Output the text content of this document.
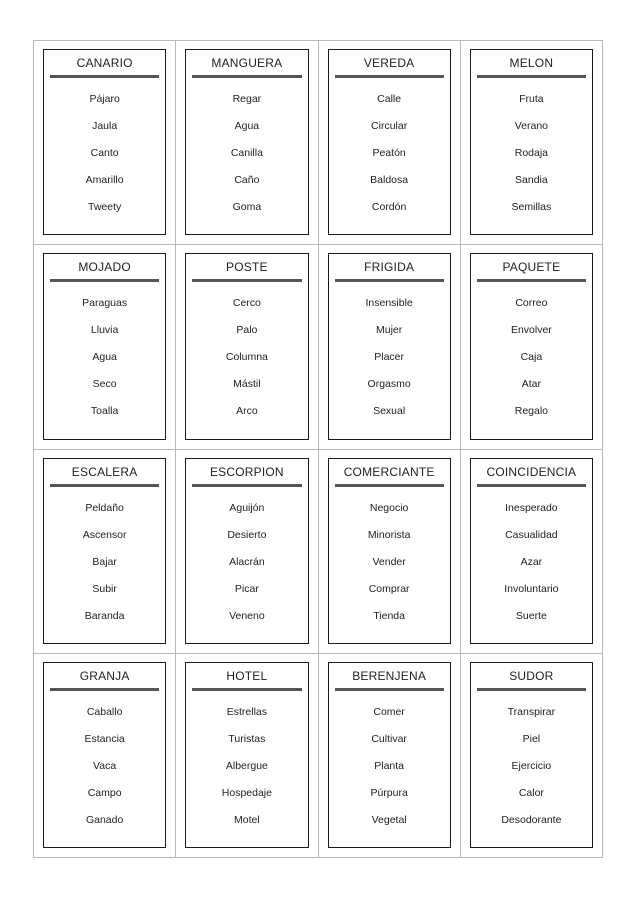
CANARIO
Pájaro
Jaula
Canto
Amarillo
Tweety
MANGUERA
Regar
Agua
Canilla
Caño
Goma
VEREDA
Calle
Circular
Peatón
Baldosa
Cordón
MELON
Fruta
Verano
Rodaja
Sandia
Semillas
MOJADO
Paraguas
Lluvia
Agua
Seco
Toalla
POSTE
Cerco
Palo
Columna
Mástil
Arco
FRIGIDA
Insensible
Mujer
Placer
Orgasmo
Sexual
PAQUETE
Correo
Envolver
Caja
Atar
Regalo
ESCALERA
Peldaño
Ascensor
Bajar
Subir
Baranda
ESCORPION
Aguijón
Desierto
Alacrán
Picar
Veneno
COMERCIANTE
Negocio
Minorista
Vender
Comprar
Tienda
COINCIDENCIA
Inesperado
Casualidad
Azar
Involuntario
Suerte
GRANJA
Caballo
Estancia
Vaca
Campo
Ganado
HOTEL
Estrellas
Turistas
Albergue
Hospedaje
Motel
BERENJENA
Comer
Cultivar
Planta
Púrpura
Vegetal
SUDOR
Transpirar
Piel
Ejercicio
Calor
Desodorante
